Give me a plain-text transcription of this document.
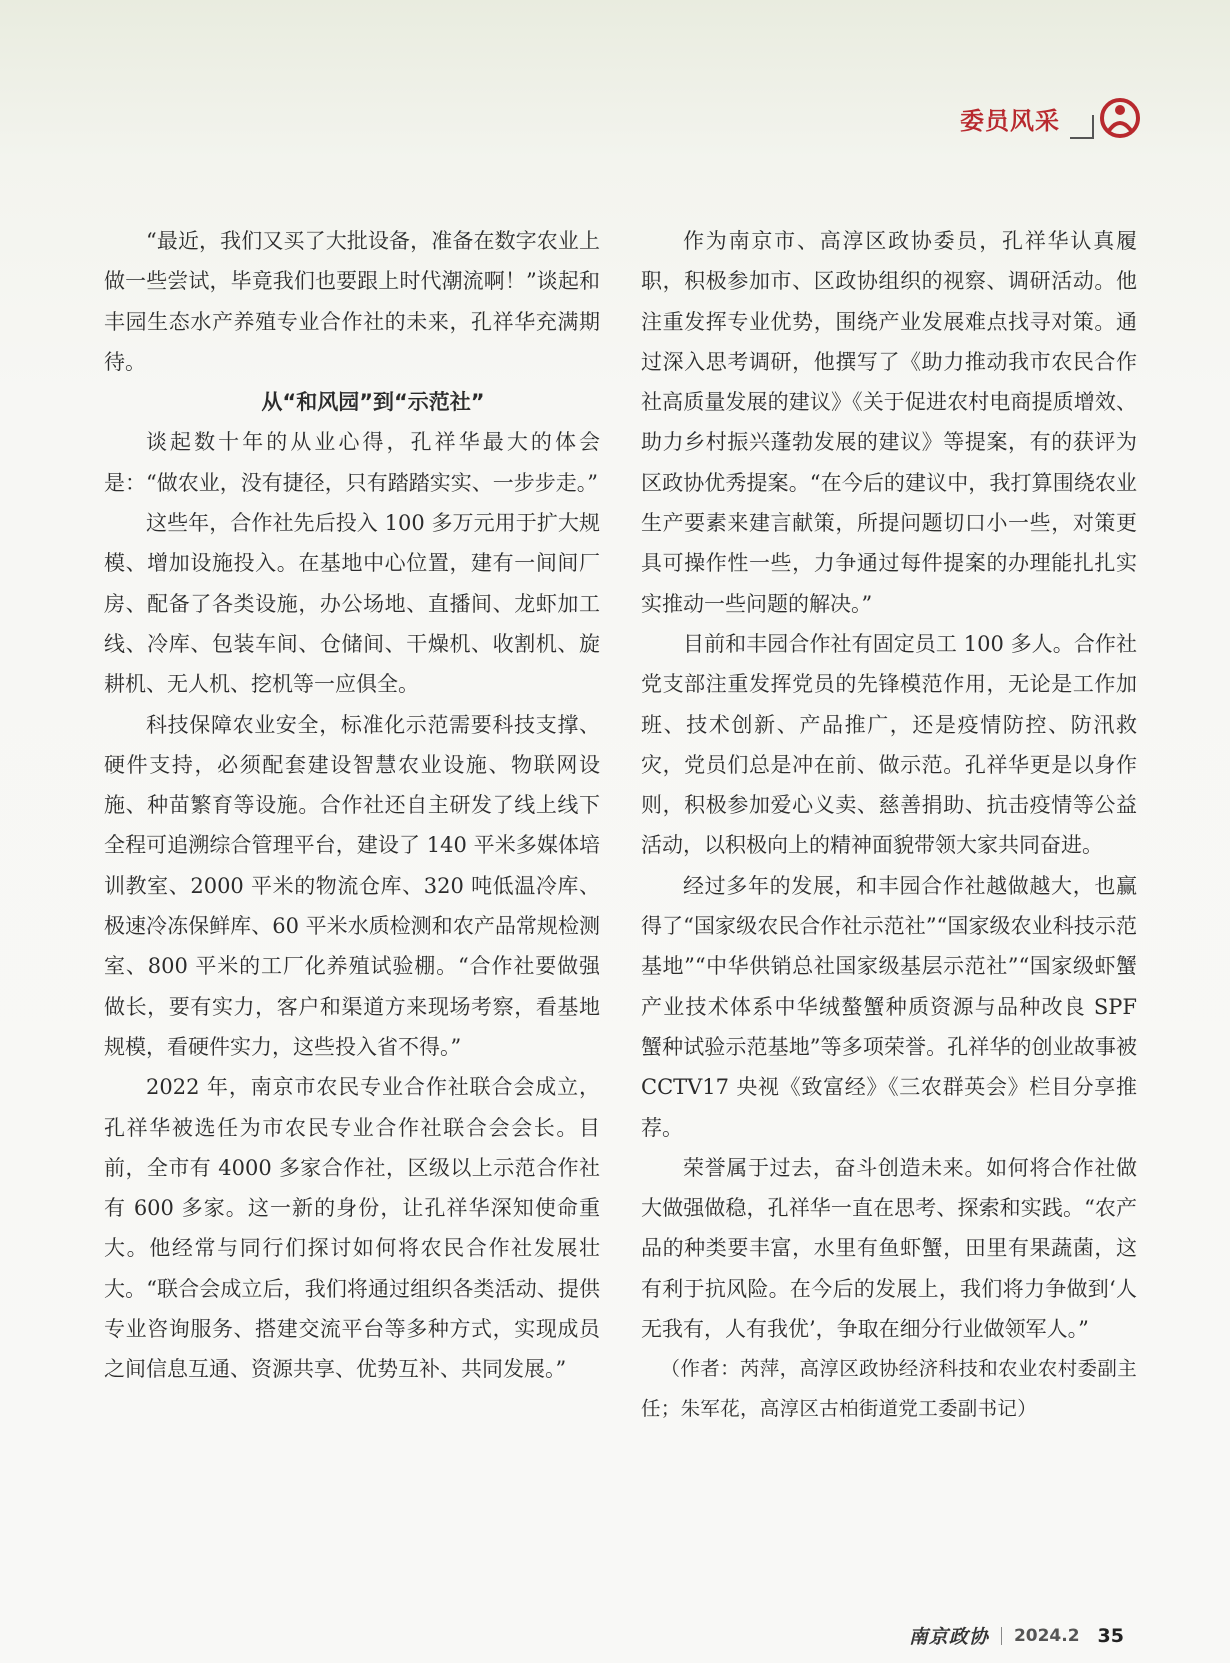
委员风采

“最近，我们又买了大批设备，准备在数字农业上做一些尝试，毕竟我们也要跟上时代潮流啊！”谈起和丰园生态水产养殖专业合作社的未来，孔祥华充满期待。

从“和风园”到“示范社”

谈起数十年的从业心得，孔祥华最大的体会是：“做农业，没有捷径，只有踏踏实实、一步步走。”

这些年，合作社先后投入 100 多万元用于扩大规模、增加设施投入。在基地中心位置，建有一间间厂房、配备了各类设施，办公场地、直播间、龙虾加工线、冷库、包装车间、仓储间、干燥机、收割机、旋耕机、无人机、挖机等一应俱全。

科技保障农业安全，标准化示范需要科技支撑、硬件支持，必须配套建设智慧农业设施、物联网设施、种苗繁育等设施。合作社还自主研发了线上线下全程可追溯综合管理平台，建设了 140 平米多媒体培训教室、2000 平米的物流仓库、320 吨低温冷库、极速冷冻保鲜库、60 平米水质检测和农产品常规检测室、800 平米的工厂化养殖试验棚。“合作社要做强做长，要有实力，客户和渠道方来现场考察，看基地规模，看硬件实力，这些投入省不得。”

2022 年，南京市农民专业合作社联合会成立，孔祥华被选任为市农民专业合作社联合会会长。目前，全市有 4000 多家合作社，区级以上示范合作社有 600 多家。这一新的身份，让孔祥华深知使命重大。他经常与同行们探讨如何将农民合作社发展壮大。“联合会成立后，我们将通过组织各类活动、提供专业咨询服务、搭建交流平台等多种方式，实现成员之间信息互通、资源共享、优势互补、共同发展。”

作为南京市、高淳区政协委员，孔祥华认真履职，积极参加市、区政协组织的视察、调研活动。他注重发挥专业优势，围绕产业发展难点找寻对策。通过深入思考调研，他撰写了《助力推动我市农民合作社高质量发展的建议》《关于促进农村电商提质增效、助力乡村振兴蓬勃发展的建议》等提案，有的获评为区政协优秀提案。“在今后的建议中，我打算围绕农业生产要素来建言献策，所提问题切口小一些，对策更具可操作性一些，力争通过每件提案的办理能扎扎实实推动一些问题的解决。”

目前和丰园合作社有固定员工 100 多人。合作社党支部注重发挥党员的先锋模范作用，无论是工作加班、技术创新、产品推广，还是疫情防控、防汛救灾，党员们总是冲在前、做示范。孔祥华更是以身作则，积极参加爱心义卖、慈善捐助、抗击疫情等公益活动，以积极向上的精神面貌带领大家共同奋进。

经过多年的发展，和丰园合作社越做越大，也赢得了“国家级农民合作社示范社”“国家级农业科技示范基地”“中华供销总社国家级基层示范社”“国家级虾蟹产业技术体系中华绒螯蟹种质资源与品种改良 SPF 蟹种试验示范基地”等多项荣誉。孔祥华的创业故事被 CCTV17 央视《致富经》《三农群英会》栏目分享推荐。

荣誉属于过去，奋斗创造未来。如何将合作社做大做强做稳，孔祥华一直在思考、探索和实践。“农产品的种类要丰富，水里有鱼虾蟹，田里有果蔬菌，这有利于抗风险。在今后的发展上，我们将力争做到‘人无我有，人有我优’，争取在细分行业做领军人。”

（作者：芮萍，高淳区政协经济科技和农业农村委副主任；朱军花，高淳区古柏街道党工委副书记）

南京政协 2024.2 35
